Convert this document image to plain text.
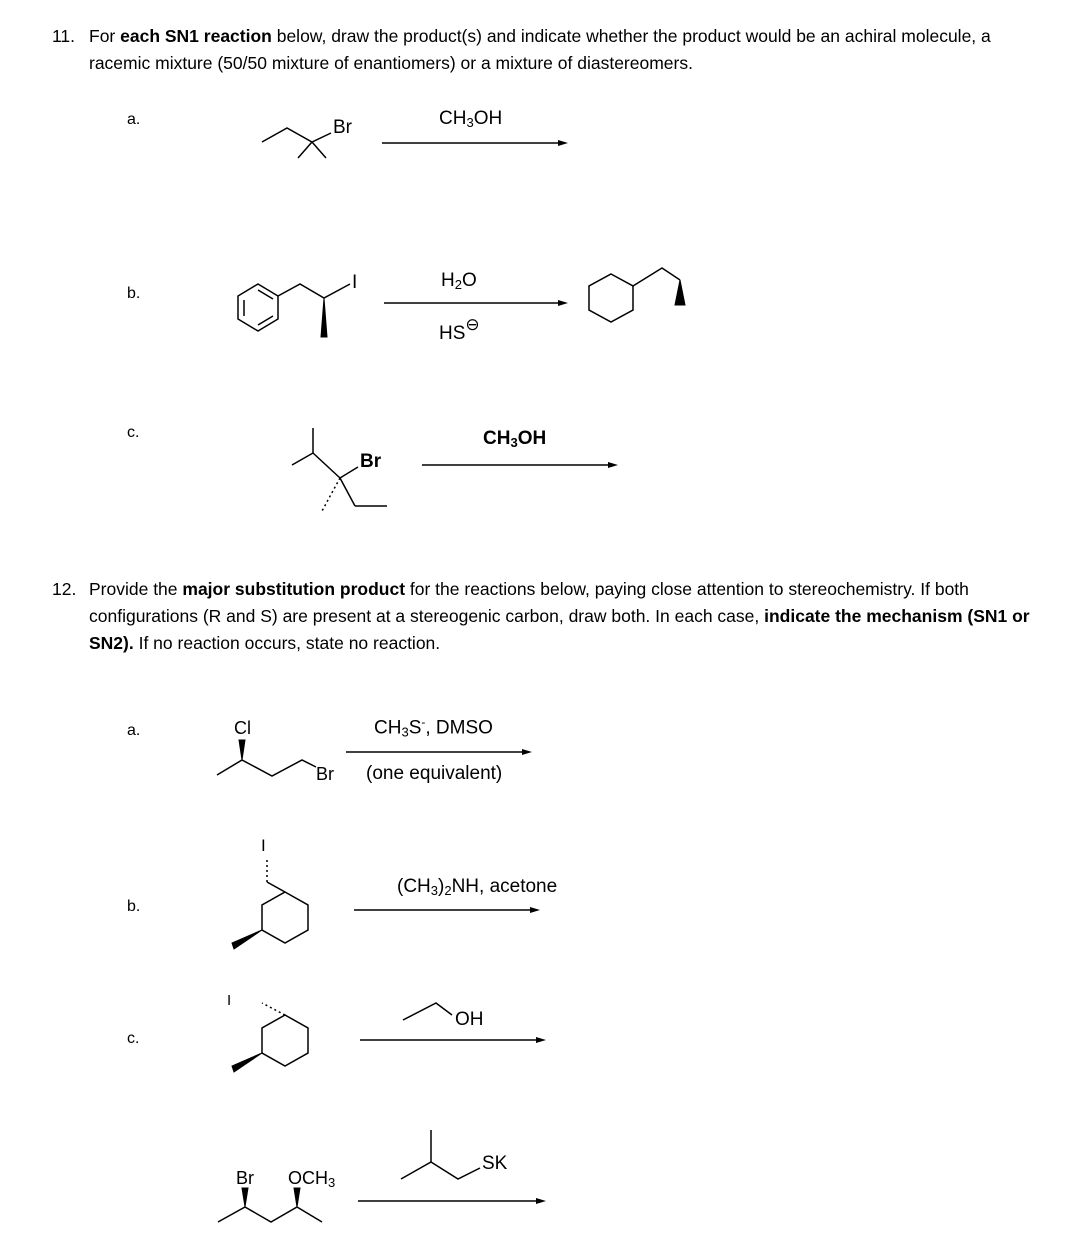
11. For each SN1 reaction below, draw the product(s) and indicate whether the product would be an achiral molecule, a racemic mixture (50/50 mixture of enantiomers) or a mixture of diastereomers.
a.
b.
c.
12. Provide the major substitution product for the reactions below, paying close attention to stereochemistry. If both configurations (R and S) are present at a stereogenic carbon, draw both. In each case, indicate the mechanism (SN1 or SN2). If no reaction occurs, state no reaction.
a.
b.
c.
Br	$CH_3OH$
I	$H_2O$
HS⊖
Br
$CH_3OH$
Cl
Br
$CH_3S^-$, DMSO
(one equivalent)
I
$(CH_3)_2NH$, acetone
I
OH
Br $OCH_3$
SK
